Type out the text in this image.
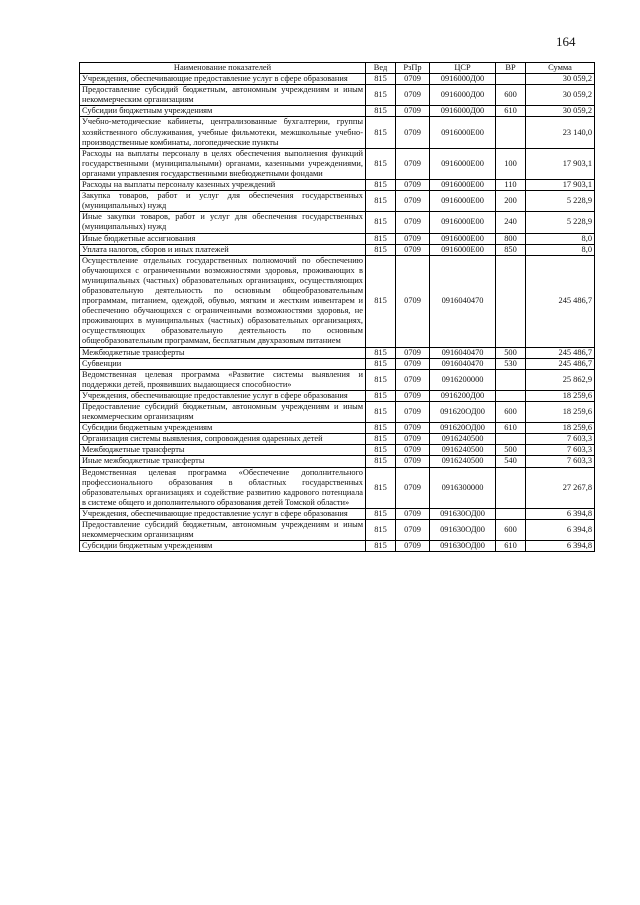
164
Наименование показателей	Вед	РзПр	ЦСР	ВР	Сумма
Учреждения, обеспечивающие предоставление услуг в сфере образования	815	0709	0916000Д00		30 059,2
Предоставление субсидий бюджетным, автономным учреждениям и иным некоммерческим организациям	815	0709	0916000Д00	600	30 059,2
Субсидии бюджетным учреждениям	815	0709	0916000Д00	610	30 059,2
Учебно-методические кабинеты, централизованные бухгалтерии, группы хозяйственного обслуживания, учебные фильмотеки, межшкольные учебно-производственные комбинаты, логопедические пункты	815	0709	0916000Е00		23 140,0
Расходы на выплаты персоналу в целях обеспечения выполнения функций государственными (муниципальными) органами, казенными учреждениями, органами управления государственными внебюджетными фондами	815	0709	0916000Е00	100	17 903,1
Расходы на выплаты персоналу казенных учреждений	815	0709	0916000Е00	110	17 903,1
Закупка товаров, работ и услуг для обеспечения государственных (муниципальных) нужд	815	0709	0916000Е00	200	5 228,9
Иные закупки товаров, работ и услуг для обеспечения государственных (муниципальных) нужд	815	0709	0916000Е00	240	5 228,9
Иные бюджетные ассигнования	815	0709	0916000Е00	800	8,0
Уплата налогов, сборов и иных платежей	815	0709	0916000Е00	850	8,0
Осуществление отдельных государственных полномочий по обеспечению обучающихся с ограниченными возможностями здоровья, проживающих в муниципальных (частных) образовательных организациях, осуществляющих образовательную деятельность по основным общеобразовательным программам, питанием, одеждой, обувью, мягким и жестким инвентарем и обеспечению обучающихся с ограниченными возможностями здоровья, не проживающих в муниципальных (частных) образовательных организациях, осуществляющих образовательную деятельность по основным общеобразовательным программам, бесплатным двухразовым питанием	815	0709	0916040470		245 486,7
Межбюджетные трансферты	815	0709	0916040470	500	245 486,7
Субвенции	815	0709	0916040470	530	245 486,7
Ведомственная целевая программа «Развитие системы выявления и поддержки детей, проявивших выдающиеся способности»	815	0709	0916200000		25 862,9
Учреждения, обеспечивающие предоставление услуг в сфере образования	815	0709	0916200Д00		18 259,6
Предоставление субсидий бюджетным, автономным учреждениям и иным некоммерческим организациям	815	0709	091620ОД00	600	18 259,6
Субсидии бюджетным учреждениям	815	0709	091620ОД00	610	18 259,6
Организация системы выявления, сопровождения одаренных детей	815	0709	0916240500		7 603,3
Межбюджетные трансферты	815	0709	0916240500	500	7 603,3
Иные межбюджетные трансферты	815	0709	0916240500	540	7 603,3
Ведомственная целевая программа «Обеспечение дополнительного профессионального образования в областных государственных образовательных организациях и содействие развитию кадрового потенциала в системе общего и дополнительного образования детей Томской области»	815	0709	0916300000		27 267,8
Учреждения, обеспечивающие предоставление услуг в сфере образования	815	0709	091630ОД00		6 394,8
Предоставление субсидий бюджетным, автономным учреждениям и иным некоммерческим организациям	815	0709	091630ОД00	600	6 394,8
Субсидии бюджетным учреждениям	815	0709	091630ОД00	610	6 394,8
